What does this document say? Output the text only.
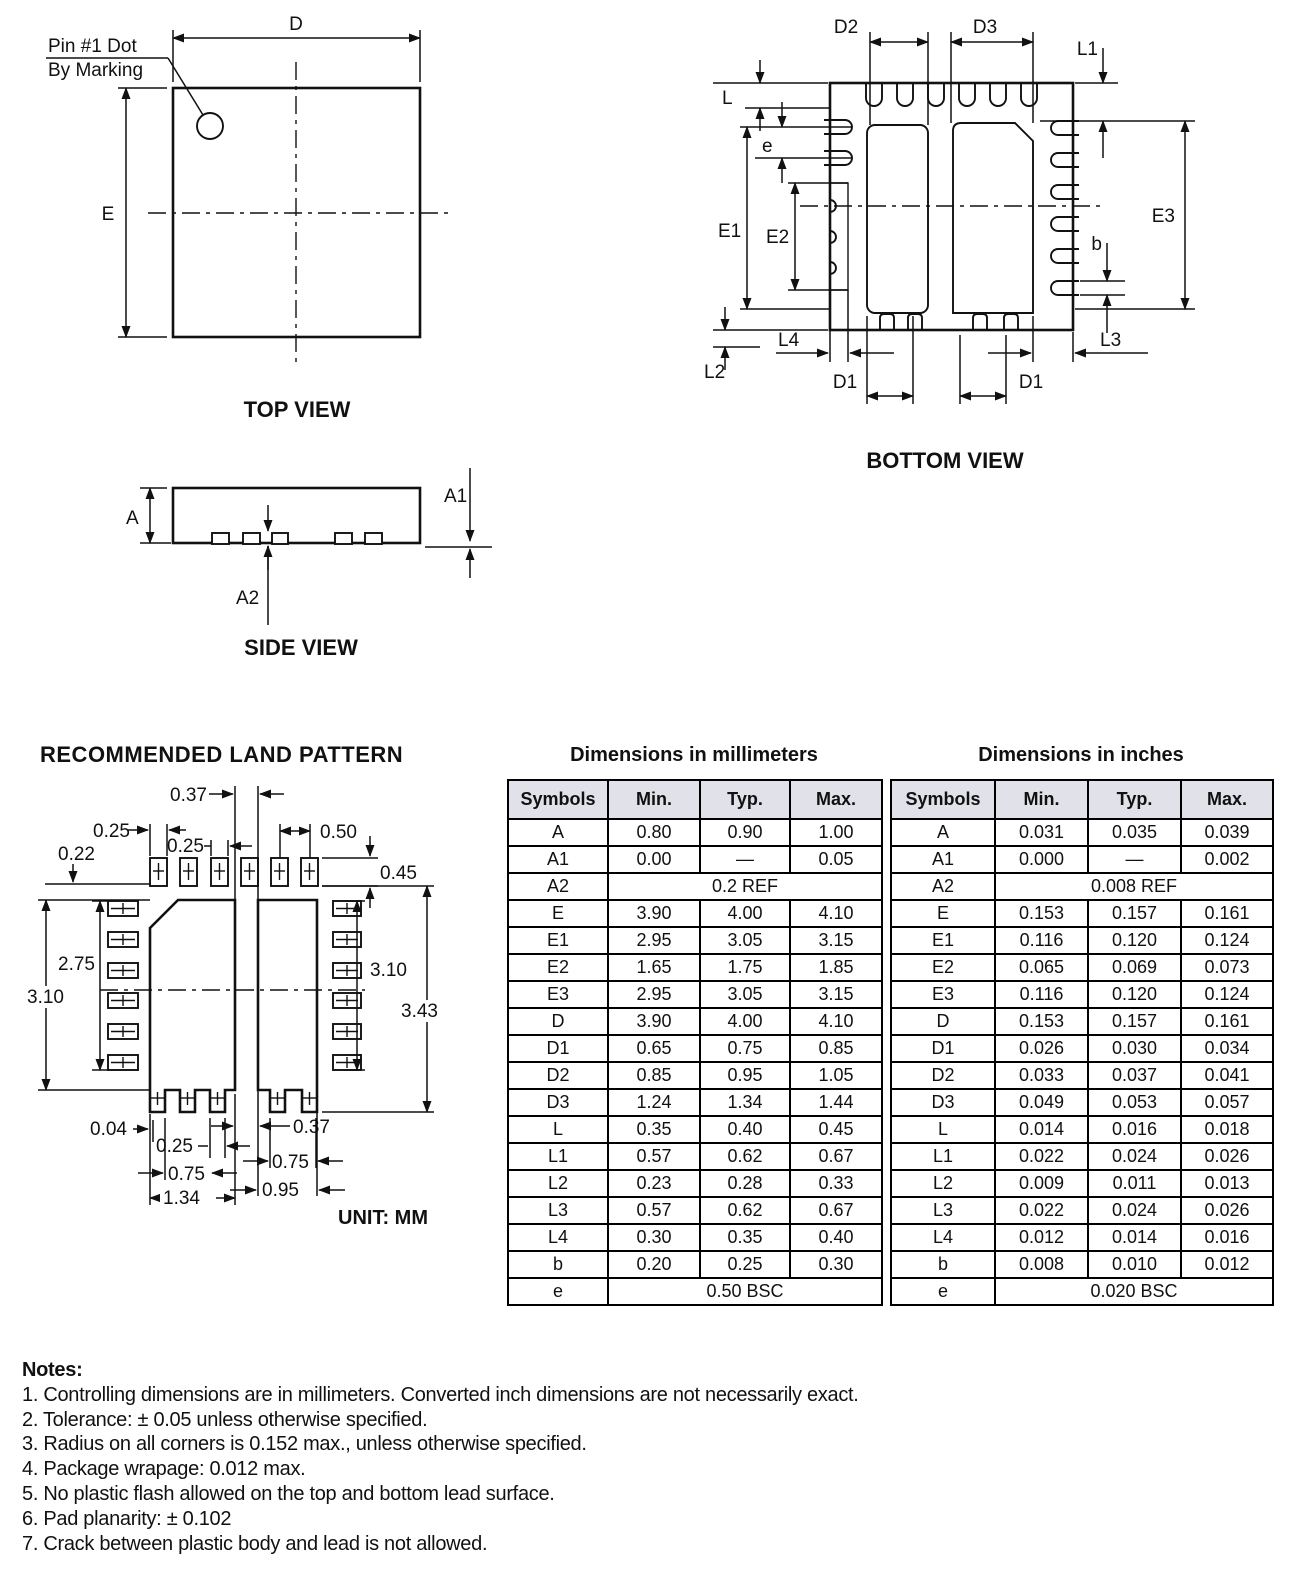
D
E
Pin #1 Dot
By Marking
TOP VIEW
D2	D3
L1
E3
b
L
e
E1 E2
L2
L4
D1	D1
L3
BOTTOM VIEW
A
A1
A2
SIDE VIEW
RECOMMENDED LAND PATTERN
0.37
0.25
0.25
0.50
0.22
0.45
2.75
3.10
3.10
3.43
0.04
0.25
0.75
1.34
0.37
0.75
0.95
UNIT: MM
Dimensions in millimeters
Symbols	Min.	Typ.	Max.
A	0.80	0.90	1.00
A1	0.00	—	0.05
A2	0.2 REF		
E	3.90	4.00	4.10
E1	2.95	3.05	3.15
E2	1.65	1.75	1.85
E3	2.95	3.05	3.15
D	3.90	4.00	4.10
D1	0.65	0.75	0.85
D2	0.85	0.95	1.05
D3	1.24	1.34	1.44
L	0.35	0.40	0.45
L1	0.57	0.62	0.67
L2	0.23	0.28	0.33
L3	0.57	0.62	0.67
L4	0.30	0.35	0.40
b	0.20	0.25	0.30
e	0.50 BSC		
Dimensions in inches
Symbols	Min.	Typ.	Max.
A	0.031	0.035	0.039
A1	0.000	—	0.002
A2	0.008 REF		
E	0.153	0.157	0.161
E1	0.116	0.120	0.124
E2	0.065	0.069	0.073
E3	0.116	0.120	0.124
D	0.153	0.157	0.161
D1	0.026	0.030	0.034
D2	0.033	0.037	0.041
D3	0.049	0.053	0.057
L	0.014	0.016	0.018
L1	0.022	0.024	0.026
L2	0.009	0.011	0.013
L3	0.022	0.024	0.026
L4	0.012	0.014	0.016
b	0.008	0.010	0.012
e	0.020 BSC		
Notes:
1. Controlling dimensions are in millimeters. Converted inch dimensions are not necessarily exact.
2. Tolerance: ± 0.05 unless otherwise specified.
3. Radius on all corners is 0.152 max., unless otherwise specified.
4. Package wrapage: 0.012 max.
5. No plastic flash allowed on the top and bottom lead surface.
6. Pad planarity: ± 0.102
7. Crack between plastic body and lead is not allowed.
